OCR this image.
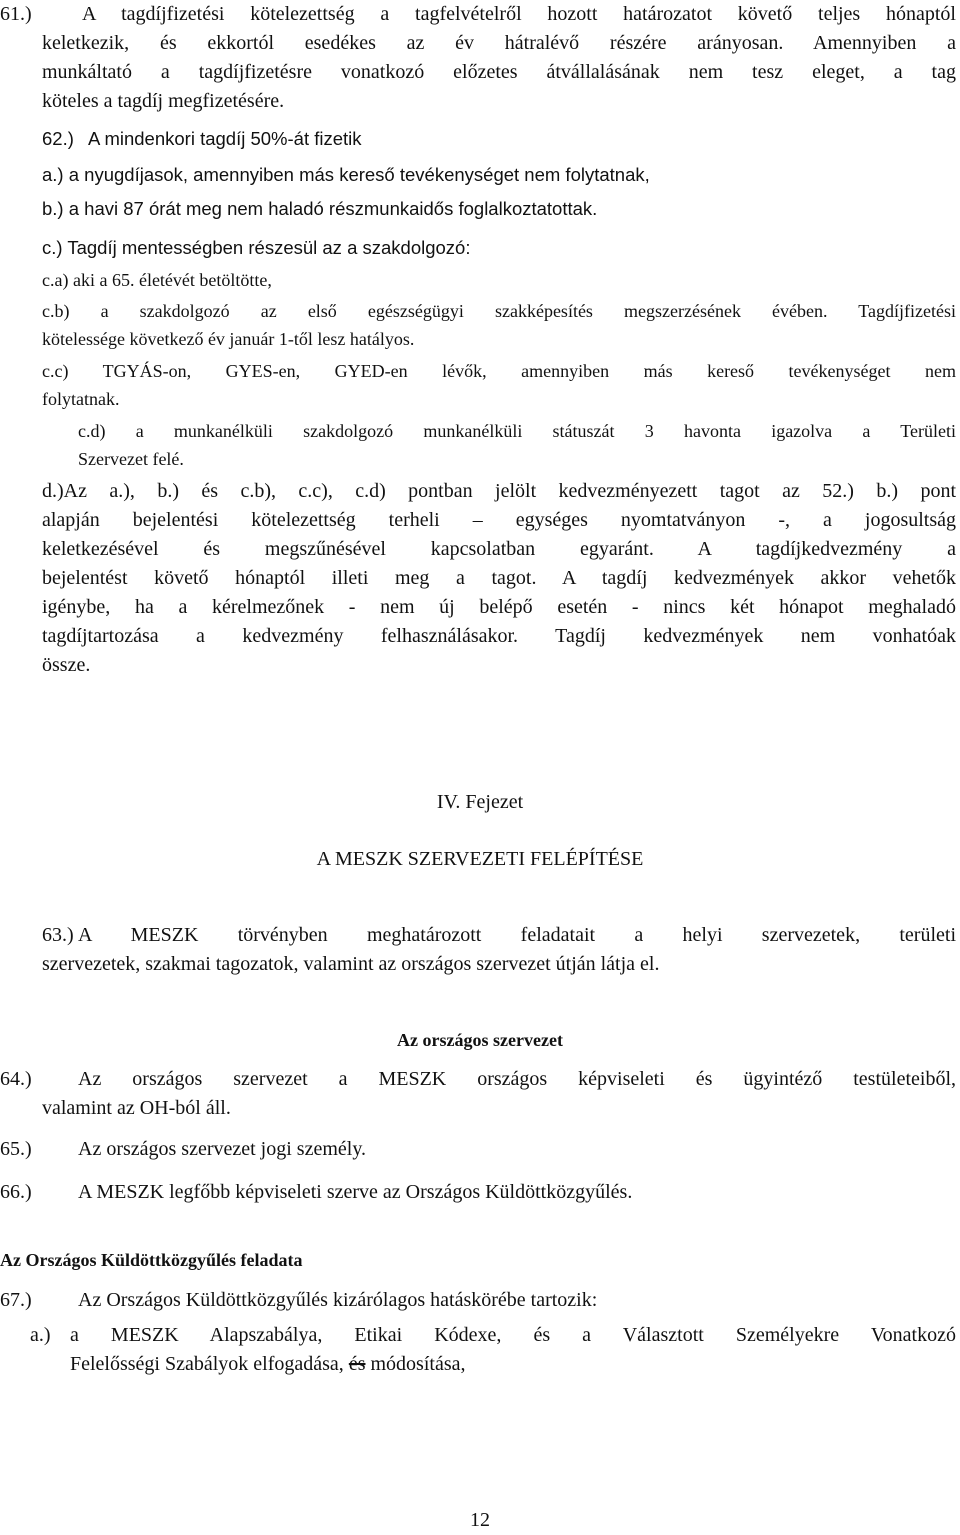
61.)	A tagdíjfizetési kötelezettség a tagfelvételről hozott határozatot követő teljes hónaptól
keletkezik, és ekkortól esedékes az év hátralévő részére arányosan. Amennyiben a
munkáltató a tagdíjfizetésre vonatkozó előzetes átvállalásának nem tesz eleget, a tag
köteles a tagdíj megfizetésére.
62.) A mindenkori tagdíj 50%-át fizetik
a.) a nyugdíjasok, amennyiben más kereső tevékenységet nem folytatnak,
b.) a havi 87 órát meg nem haladó részmunkaidős foglalkoztatottak.
c.) Tagdíj mentességben részesül az a szakdolgozó:
c.a) aki a 65. életévét betöltötte,
c.b) a szakdolgozó az első egészségügyi szakképesítés megszerzésének évében. Tagdíjfizetési
kötelessége következő év január 1-től lesz hatályos.
c.c) TGYÁS-on, GYES-en, GYED-en lévők, amennyiben más kereső tevékenységet nem
folytatnak.
c.d) a munkanélküli szakdolgozó munkanélküli státuszát 3 havonta igazolva a Területi
Szervezet felé.
d.)Az a.), b.) és c.b), c.c), c.d) pontban jelölt kedvezményezett tagot az 52.) b.) pont
alapján bejelentési kötelezettség terheli – egységes nyomtatványon -, a jogosultság
keletkezésével és megszűnésével kapcsolatban egyaránt. A tagdíjkedvezmény a
bejelentést követő hónaptól illeti meg a tagot. A tagdíj kedvezmények akkor vehetők
igénybe, ha a kérelmezőnek - nem új belépő esetén - nincs két hónapot meghaladó
tagdíjtartozása a kedvezmény felhasználásakor. Tagdíj kedvezmények nem vonhatóak
össze.
IV. Fejezet
A MESZK SZERVEZETI FELÉPÍTÉSE
63.) A MESZK törvényben meghatározott feladatait a helyi szervezetek, területi
szervezetek, szakmai tagozatok, valamint az országos szervezet útján látja el.
Az országos szervezet
64.) Az országos szervezet a MESZK országos képviseleti és ügyintéző testületeiből,
valamint az OH-ból áll.
65.) Az országos szervezet jogi személy.
66.) A MESZK legfőbb képviseleti szerve az Országos Küldöttközgyűlés.
Az Országos Küldöttközgyűlés feladata
67.) Az Országos Küldöttközgyűlés kizárólagos hatáskörébe tartozik:
a.) a MESZK Alapszabálya, Etikai Kódexe, és a Választott Személyekre Vonatkozó
Felelősségi Szabályok elfogadása, és módosítása,
12
